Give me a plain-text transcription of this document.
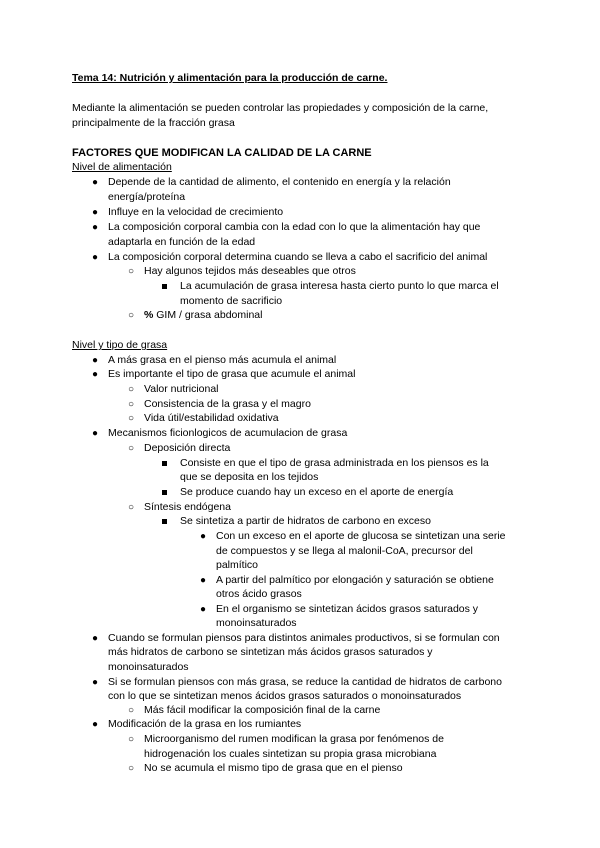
Tema 14: Nutrición y alimentación para la producción de carne.
Mediante la alimentación se pueden controlar las propiedades y composición de la carne,
principalmente de la fracción grasa
FACTORES QUE MODIFICAN LA CALIDAD DE LA CARNE
Nivel de alimentación
● Depende de la cantidad de alimento, el contenido en energía y la relación
energía/proteína
● Influye en la velocidad de crecimiento
● La composición corporal cambia con la edad con lo que la alimentación hay que
adaptarla en función de la edad
● La composición corporal determina cuando se lleva a cabo el sacrificio del animal
○ Hay algunos tejidos más deseables que otros
La acumulación de grasa interesa hasta cierto punto lo que marca el
momento de sacrificio
○ % GIM / grasa abdominal
Nivel y tipo de grasa
● A más grasa en el pienso más acumula el animal
● Es importante el tipo de grasa que acumule el animal
○ Valor nutricional
○ Consistencia de la grasa y el magro
○ Vida útil/estabilidad oxidativa
● Mecanismos ficionlogicos de acumulacion de grasa
○ Deposición directa
Consiste en que el tipo de grasa administrada en los piensos es la
que se deposita en los tejidos
Se produce cuando hay un exceso en el aporte de energía
○ Síntesis endógena
Se sintetiza a partir de hidratos de carbono en exceso
● Con un exceso en el aporte de glucosa se sintetizan una serie
de compuestos y se llega al malonil-CoA, precursor del
palmítico
● A partir del palmítico por elongación y saturación se obtiene
otros ácido grasos
● En el organismo se sintetizan ácidos grasos saturados y
monoinsaturados
● Cuando se formulan piensos para distintos animales productivos, si se formulan con
más hidratos de carbono se sintetizan más ácidos grasos saturados y
monoinsaturados
● Si se formulan piensos con más grasa, se reduce la cantidad de hidratos de carbono
con lo que se sintetizan menos ácidos grasos saturados o monoinsaturados
○ Más fácil modificar la composición final de la carne
● Modificación de la grasa en los rumiantes
○ Microorganismo del rumen modifican la grasa por fenómenos de
hidrogenación los cuales sintetizan su propia grasa microbiana
○ No se acumula el mismo tipo de grasa que en el pienso
